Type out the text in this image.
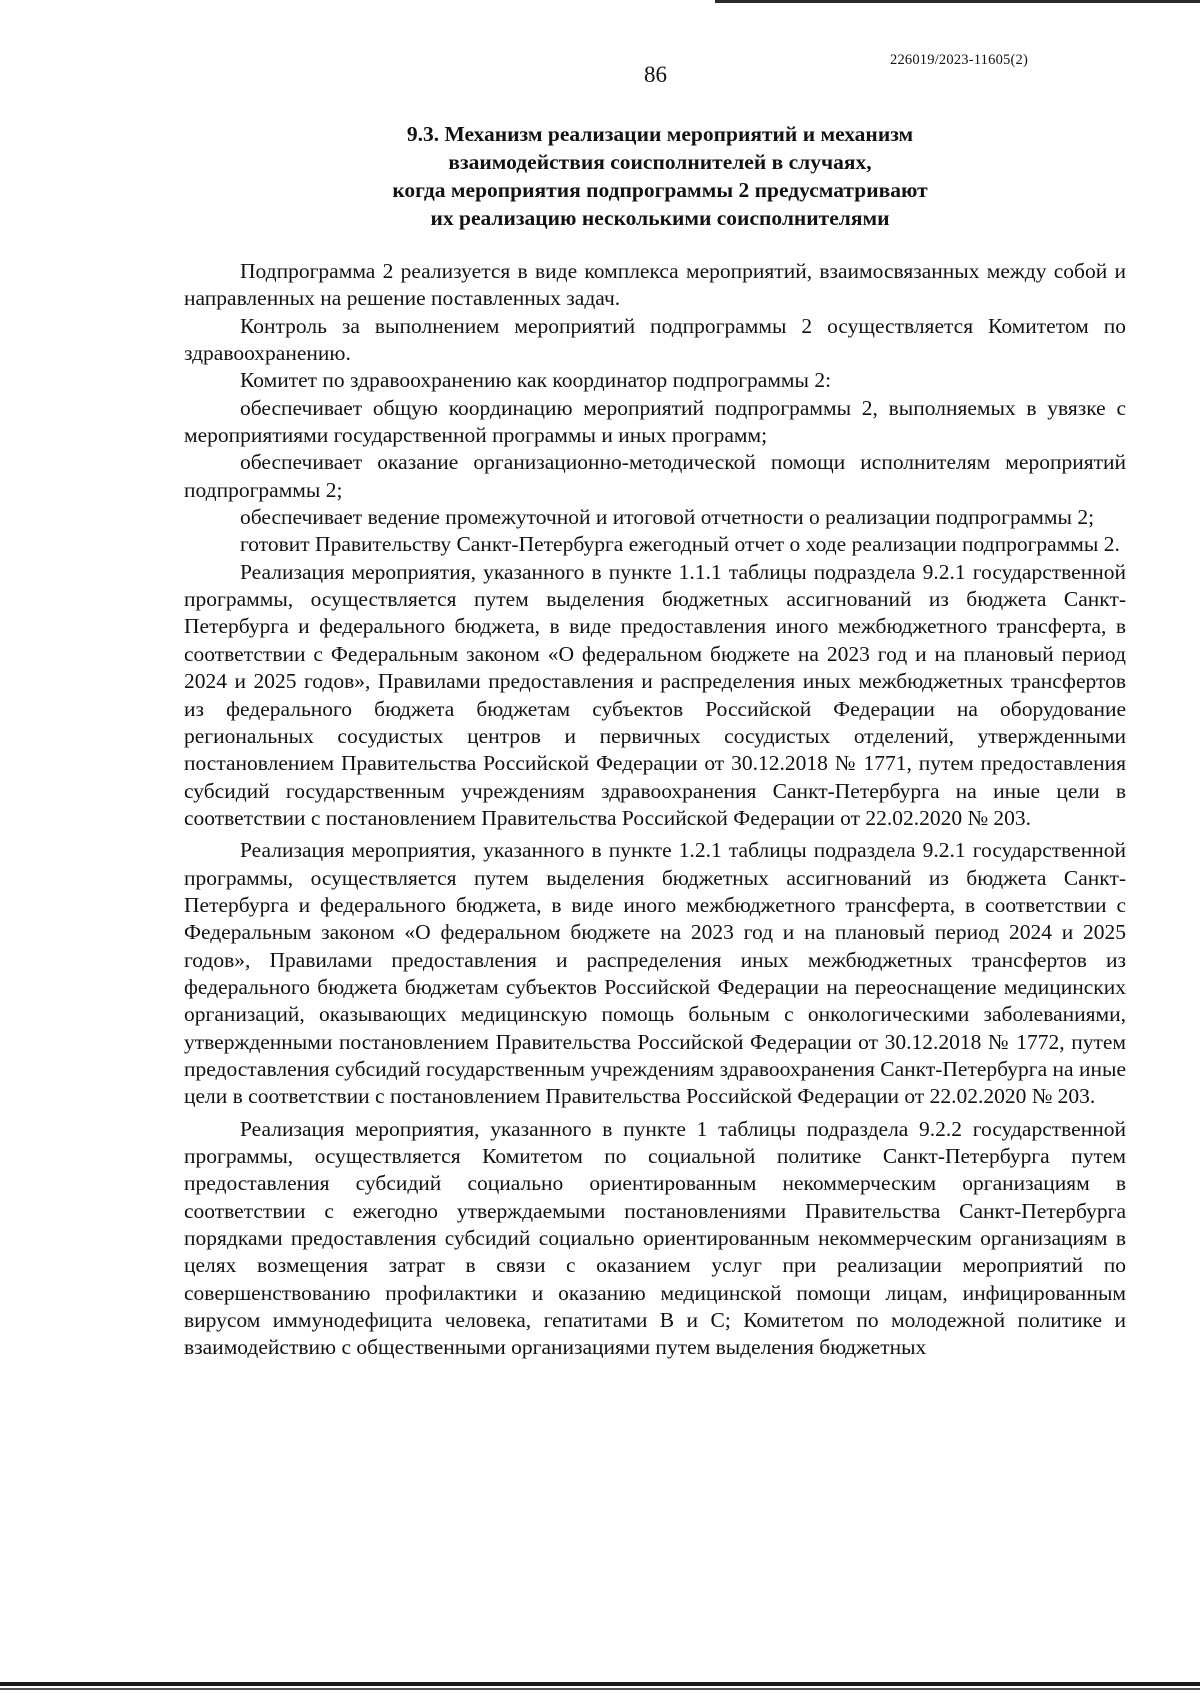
226019/2023-11605(2)
86
9.3. Механизм реализации мероприятий и механизм
взаимодействия соисполнителей в случаях,
когда мероприятия подпрограммы 2 предусматривают
их реализацию несколькими соисполнителями

Подпрограмма 2 реализуется в виде комплекса мероприятий, взаимосвязанных между собой и направленных на решение поставленных задач.

Контроль за выполнением мероприятий подпрограммы 2 осуществляется Комитетом по здравоохранению.

Комитет по здравоохранению как координатор подпрограммы 2:

обеспечивает общую координацию мероприятий подпрограммы 2, выполняемых в увязке с мероприятиями государственной программы и иных программ;

обеспечивает оказание организационно-методической помощи исполнителям мероприятий подпрограммы 2;

обеспечивает ведение промежуточной и итоговой отчетности о реализации подпрограммы 2;

готовит Правительству Санкт-Петербурга ежегодный отчет о ходе реализации подпрограммы 2.

Реализация мероприятия, указанного в пункте 1.1.1 таблицы подраздела 9.2.1 государственной программы, осуществляется путем выделения бюджетных ассигнований из бюджета Санкт-Петербурга и федерального бюджета, в виде предоставления иного межбюджетного трансферта, в соответствии с Федеральным законом «О федеральном бюджете на 2023 год и на плановый период 2024 и 2025 годов», Правилами предоставления и распределения иных межбюджетных трансфертов из федерального бюджета бюджетам субъектов Российской Федерации на оборудование региональных сосудистых центров и первичных сосудистых отделений, утвержденными постановлением Правительства Российской Федерации от 30.12.2018 № 1771, путем предоставления субсидий государственным учреждениям здравоохранения Санкт-Петербурга на иные цели в соответствии с постановлением Правительства Российской Федерации от 22.02.2020 № 203.

Реализация мероприятия, указанного в пункте 1.2.1 таблицы подраздела 9.2.1 государственной программы, осуществляется путем выделения бюджетных ассигнований из бюджета Санкт-Петербурга и федерального бюджета, в виде иного межбюджетного трансферта, в соответствии с Федеральным законом «О федеральном бюджете на 2023 год и на плановый период 2024 и 2025 годов», Правилами предоставления и распределения иных межбюджетных трансфертов из федерального бюджета бюджетам субъектов Российской Федерации на переоснащение медицинских организаций, оказывающих медицинскую помощь больным с онкологическими заболеваниями, утвержденными постановлением Правительства Российской Федерации от 30.12.2018 № 1772, путем предоставления субсидий государственным учреждениям здравоохранения Санкт-Петербурга на иные цели в соответствии с постановлением Правительства Российской Федерации от 22.02.2020 № 203.

Реализация мероприятия, указанного в пункте 1 таблицы подраздела 9.2.2 государственной программы, осуществляется Комитетом по социальной политике Санкт-Петербурга путем предоставления субсидий социально ориентированным некоммерческим организациям в соответствии с ежегодно утверждаемыми постановлениями Правительства Санкт-Петербурга порядками предоставления субсидий социально ориентированным некоммерческим организациям в целях возмещения затрат в связи с оказанием услуг при реализации мероприятий по совершенствованию профилактики и оказанию медицинской помощи лицам, инфицированным вирусом иммунодефицита человека, гепатитами В и С; Комитетом по молодежной политике и взаимодействию с общественными организациями путем выделения бюджетных
